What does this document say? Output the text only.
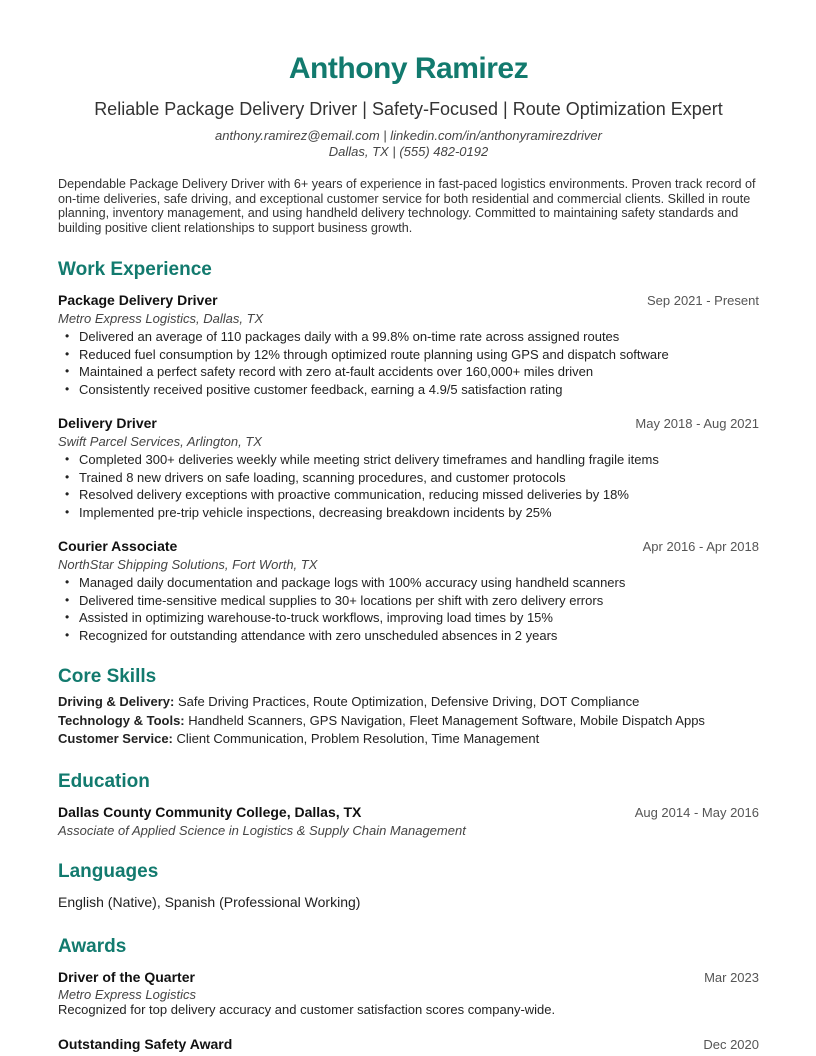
Anthony Ramirez
Reliable Package Delivery Driver | Safety-Focused | Route Optimization Expert
anthony.ramirez@email.com | linkedin.com/in/anthonyramirezdriver
Dallas, TX | (555) 482-0192
Dependable Package Delivery Driver with 6+ years of experience in fast-paced logistics environments. Proven track record of on-time deliveries, safe driving, and exceptional customer service for both residential and commercial clients. Skilled in route planning, inventory management, and using handheld delivery technology. Committed to maintaining safety standards and building positive client relationships to support business growth.
Work Experience
Package Delivery Driver	Sep 2021 - Present
Metro Express Logistics, Dallas, TX
• Delivered an average of 110 packages daily with a 99.8% on-time rate across assigned routes
• Reduced fuel consumption by 12% through optimized route planning using GPS and dispatch software
• Maintained a perfect safety record with zero at-fault accidents over 160,000+ miles driven
• Consistently received positive customer feedback, earning a 4.9/5 satisfaction rating
Delivery Driver	May 2018 - Aug 2021
Swift Parcel Services, Arlington, TX
• Completed 300+ deliveries weekly while meeting strict delivery timeframes and handling fragile items
• Trained 8 new drivers on safe loading, scanning procedures, and customer protocols
• Resolved delivery exceptions with proactive communication, reducing missed deliveries by 18%
• Implemented pre-trip vehicle inspections, decreasing breakdown incidents by 25%
Courier Associate	Apr 2016 - Apr 2018
NorthStar Shipping Solutions, Fort Worth, TX
• Managed daily documentation and package logs with 100% accuracy using handheld scanners
• Delivered time-sensitive medical supplies to 30+ locations per shift with zero delivery errors
• Assisted in optimizing warehouse-to-truck workflows, improving load times by 15%
• Recognized for outstanding attendance with zero unscheduled absences in 2 years
Core Skills
Driving & Delivery: Safe Driving Practices, Route Optimization, Defensive Driving, DOT Compliance
Technology & Tools: Handheld Scanners, GPS Navigation, Fleet Management Software, Mobile Dispatch Apps
Customer Service: Client Communication, Problem Resolution, Time Management
Education
Dallas County Community College, Dallas, TX	Aug 2014 - May 2016
Associate of Applied Science in Logistics & Supply Chain Management
Languages
English (Native), Spanish (Professional Working)
Awards
Driver of the Quarter	Mar 2023
Metro Express Logistics
Recognized for top delivery accuracy and customer satisfaction scores company-wide.
Outstanding Safety Award	Dec 2020
